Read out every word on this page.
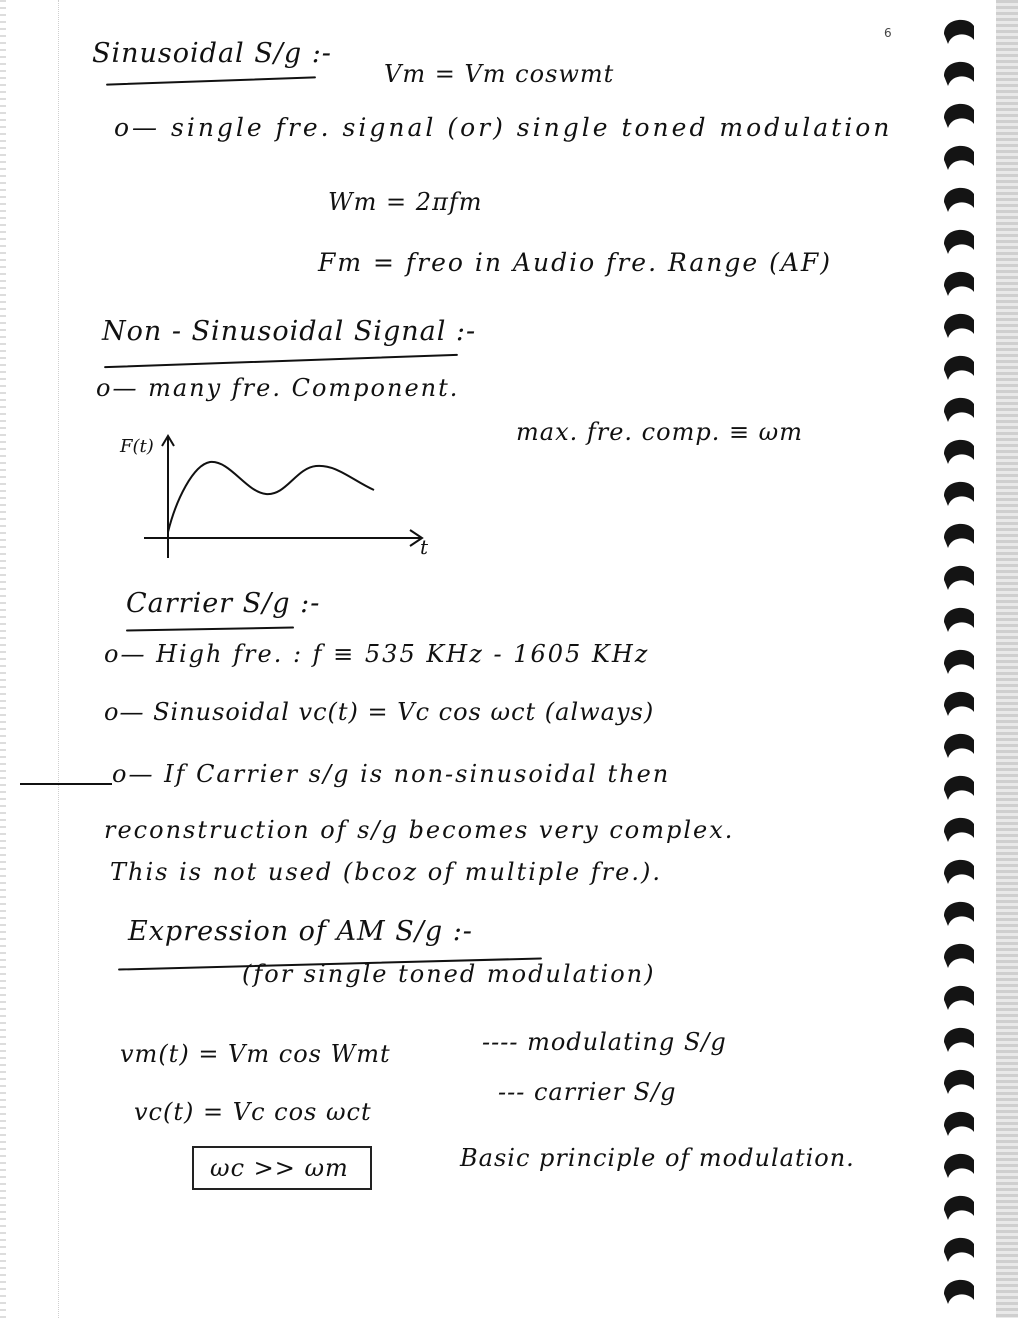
6
Sinusoidal S/g :-
Vm = Vm coswmt
o— single fre. signal (or) single toned modulation
Wm = 2πfm
Fm = freo in Audio fre. Range (AF)
Non - Sinusoidal Signal :-
o— many fre. Component.
max. fre. comp. ≡ ωm
F(t)
t
Carrier S/g :-
o— High fre. : f ≡ 535 KHz - 1605 KHz
o— Sinusoidal vc(t) = Vc cos ωct (always)
o— If Carrier s/g is non-sinusoidal then
reconstruction of s/g becomes very complex.
This is not used (bcoz of multiple fre.).
Expression of AM S/g :-
(for single toned modulation)
vm(t) = Vm cos Wmt	---- modulating S/g
vc(t) = Vc cos ωct
--- carrier S/g
ωc >> ωm	Basic principle of modulation.
